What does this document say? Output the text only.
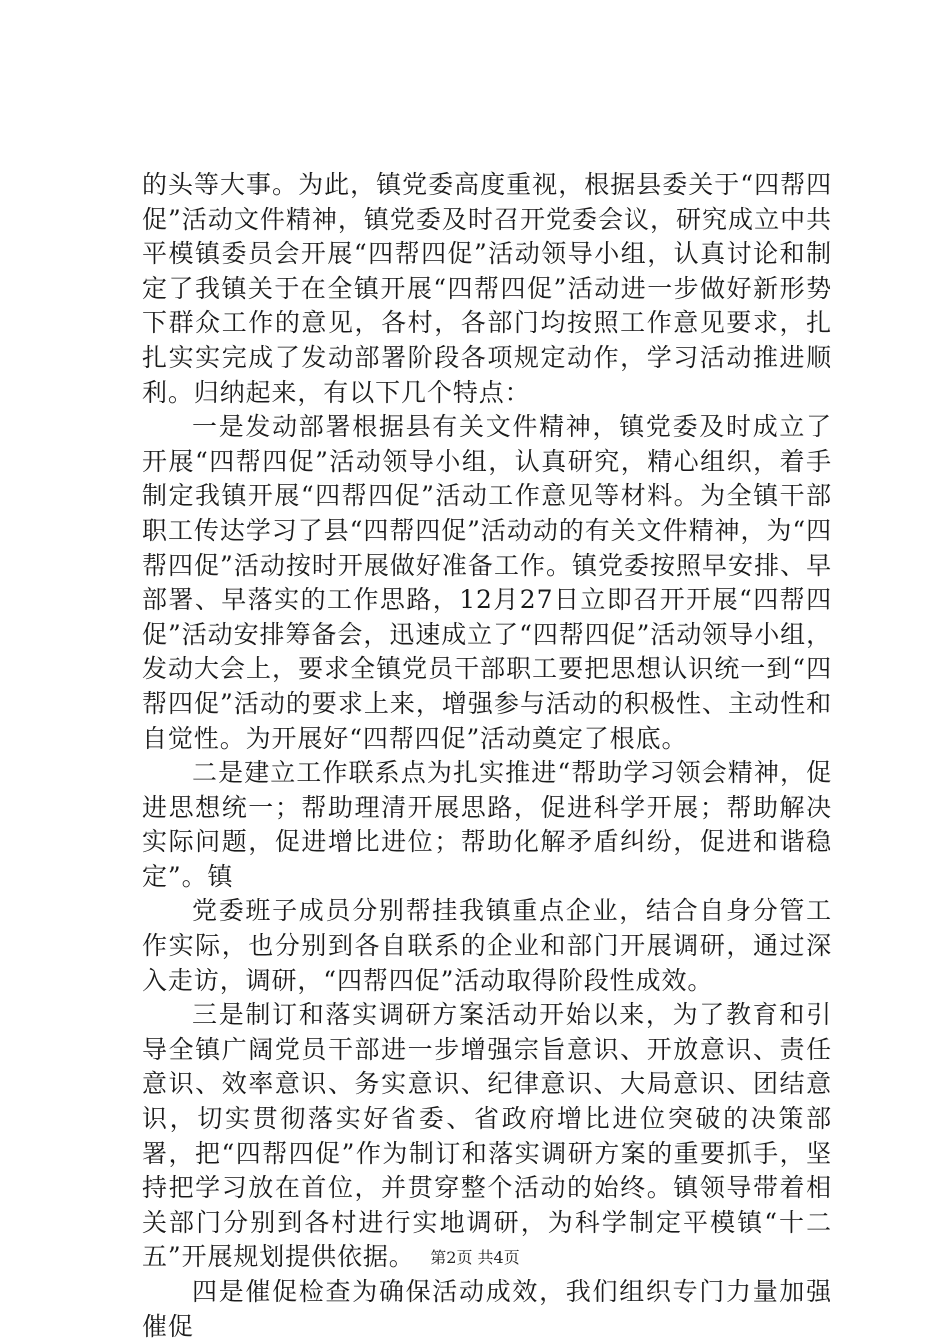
的头等大事。为此，镇党委高度重视，根据县委关于“四帮四促”活动文件精神，镇党委及时召开党委会议，研究成立中共平模镇委员会开展“四帮四促”活动领导小组，认真讨论和制定了我镇关于在全镇开展“四帮四促”活动进一步做好新形势下群众工作的意见，各村，各部门均按照工作意见要求，扎扎实实完成了发动部署阶段各项规定动作，学习活动推进顺利。归纳起来，有以下几个特点：

一是发动部署根据县有关文件精神，镇党委及时成立了开展“四帮四促”活动领导小组，认真研究，精心组织，着手制定我镇开展“四帮四促”活动工作意见等材料。为全镇干部职工传达学习了县“四帮四促”活动动的有关文件精神，为“四帮四促”活动按时开展做好准备工作。镇党委按照早安排、早部署、早落实的工作思路，12月27日立即召开开展“四帮四促”活动安排筹备会，迅速成立了“四帮四促”活动领导小组，发动大会上，要求全镇党员干部职工要把思想认识统一到“四帮四促”活动的要求上来，增强参与活动的积极性、主动性和自觉性。为开展好“四帮四促”活动奠定了根底。

二是建立工作联系点为扎实推进“帮助学习领会精神，促进思想统一；帮助理清开展思路，促进科学开展；帮助解决实际问题，促进增比进位；帮助化解矛盾纠纷，促进和谐稳定”。镇

党委班子成员分别帮挂我镇重点企业，结合自身分管工作实际，也分别到各自联系的企业和部门开展调研，通过深入走访，调研，“四帮四促”活动取得阶段性成效。

三是制订和落实调研方案活动开始以来，为了教育和引导全镇广阔党员干部进一步增强宗旨意识、开放意识、责任意识、效率意识、务实意识、纪律意识、大局意识、团结意识，切实贯彻落实好省委、省政府增比进位突破的决策部署，把“四帮四促”作为制订和落实调研方案的重要抓手，坚持把学习放在首位，并贯穿整个活动的始终。镇领导带着相关部门分别到各村进行实地调研，为科学制定平模镇“十二五”开展规划提供依据。

四是催促检查为确保活动成效，我们组织专门力量加强催促

第2页 共4页
